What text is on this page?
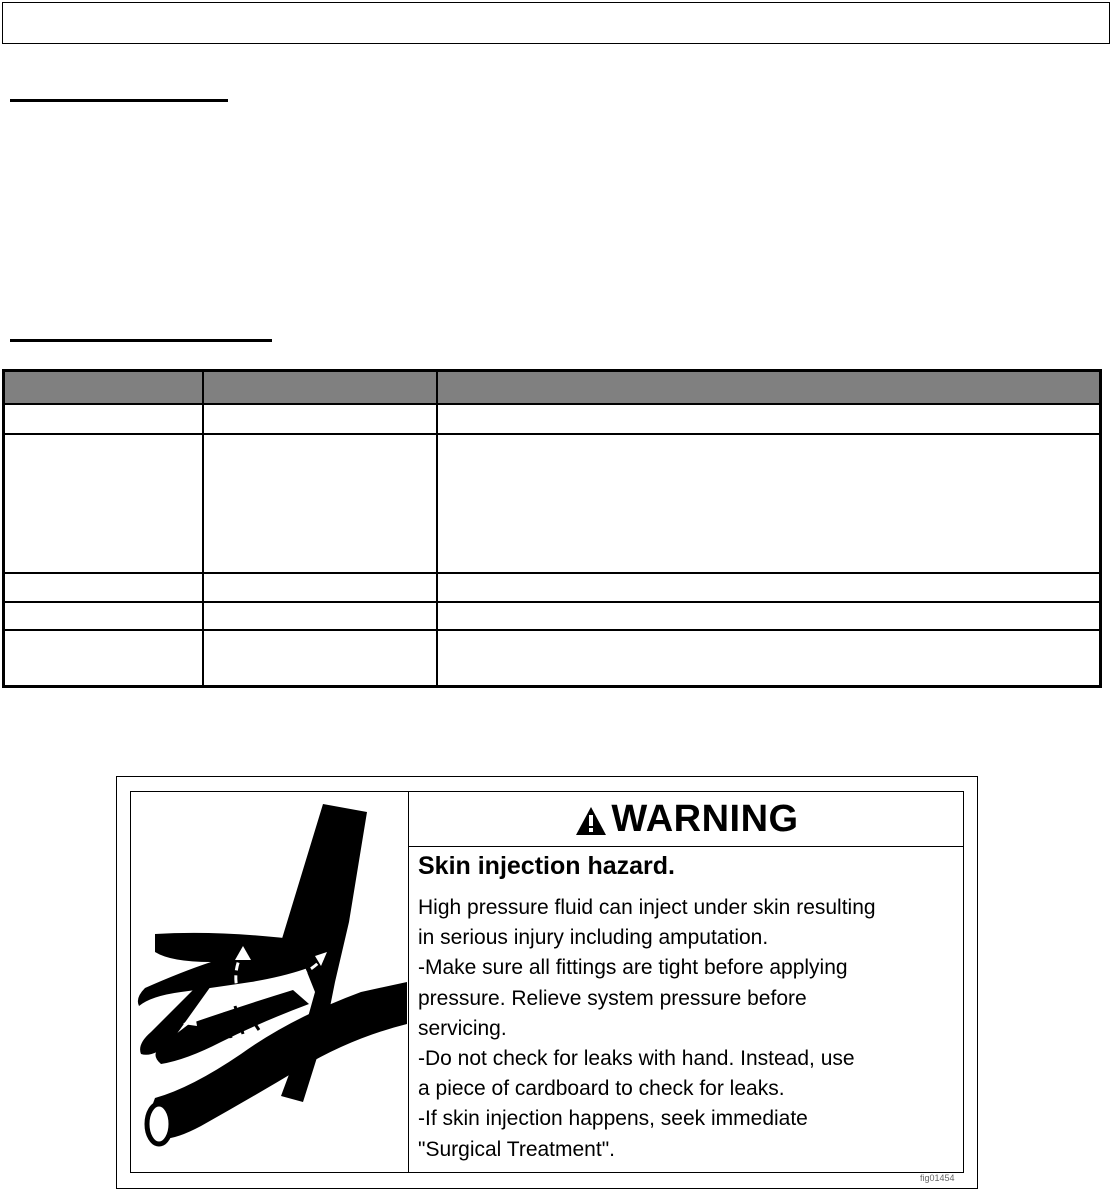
WARNING
Skin injection hazard.
High pressure fluid can inject under skin resulting
in serious injury including amputation.
-Make sure all fittings are tight before applying
pressure. Relieve system pressure before
servicing.
-Do not check for leaks with hand. Instead, use
a piece of cardboard to check for leaks.
-If skin injection happens, seek immediate
"Surgical Treatment".
fig01454
